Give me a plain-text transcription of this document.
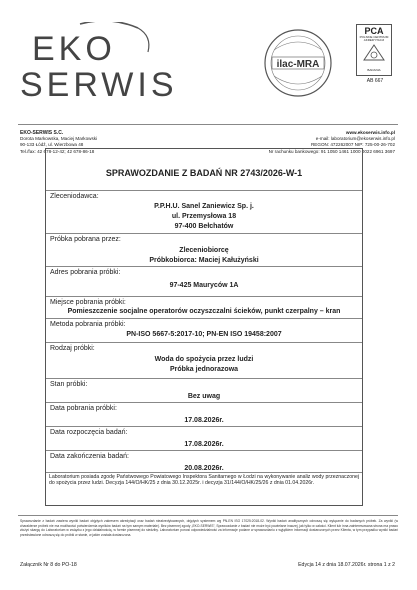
EKO
SERWIS
ilac-MRA
PCA
POLSKIE CENTRUM AKREDYTACJI
BADANIA
AB 667
EKO-SERWIS S.C.
Dorota Markowska, Maciej Markowski
90-133 Łódź, ul. Wierzbowa 48
Tel./fax: 42 678-12-42; 42 678-86-18
www.ekoserwis.info.pl
e-mail: laboratorium@ekoserwis.info.pl
REGON: 472262007 NIP: 725-00-26-702
Nr rachunku bankowego: 91 1050 1461 1000 0022 6961 3697
SPRAWOZDANIE Z BADAŃ NR 2743/2026-W-1
Zleceniodawca:
P.P.H.U. Sanel Zaniewicz Sp. j.
ul. Przemysłowa 18
97-400 Bełchatów
Próbka pobrana przez:
Zleceniobiorcę
Próbkobiorca: Maciej Kałużyński
Adres pobrania próbki:
97-425 Mauryców 1A
Miejsce pobrania próbki:
Pomieszczenie socjalne operatorów oczyszczalni ścieków, punkt czerpalny – kran
Metoda pobrania próbki:
PN-ISO 5667-5:2017-10; PN-EN ISO 19458:2007
Rodzaj próbki:
Woda do spożycia przez ludzi
Próbka jednorazowa
Stan próbki:
Bez uwag
Data pobrania próbki:
17.08.2026r.
Data rozpoczęcia badań:
17.08.2026r.
Data zakończenia badań:
20.08.2026r.
Laboratorium posiada zgodę Państwowego Powiatowego Inspektora Sanitarnego w Łodzi na wykonywanie analiz wody przeznaczonej do spożycia przez ludzi. Decyzja 144/O/HK/25 z dnia 30.12.2025r. i decyzja 31/144/O/HK/25/26 z dnia 01.04.2026r.
Sprawozdanie z badań zawiera wyniki badań objętych zakresem akredytacji oraz badań nieakredytowanych, objętych systemem wg PN-EN ISO 17025:2018-02. Wyniki badań analitycznych odnoszą się wyłącznie do badanych próbek. Za wyniki (w charakterze próbek nie ma możliwości potwierdzenia wyników badań na tym samym materiale). Bez pisemnej zgody „EKO-SERWIS”, Sprawozdanie z badań nie może być powielane inaczej, jak tylko w całości. Klient lub inna zainteresowana strona ma prawo złożyć skargę do Laboratorium w związku z jego działalnością, w formie pisemnej do siedziby. Laboratorium ponosi odpowiedzialność za informacje podane w sprawozdaniu z wyjątkiem informacji dostarczonych przez Klienta, w tym przypadku wyniki badań przedstawione odnoszą się do próbki w stanie, w jakim została dostarczona.
Załącznik Nr 8 do PO-18	Edycja 14 z dnia 18.07.2026r. strona 1 z 2
